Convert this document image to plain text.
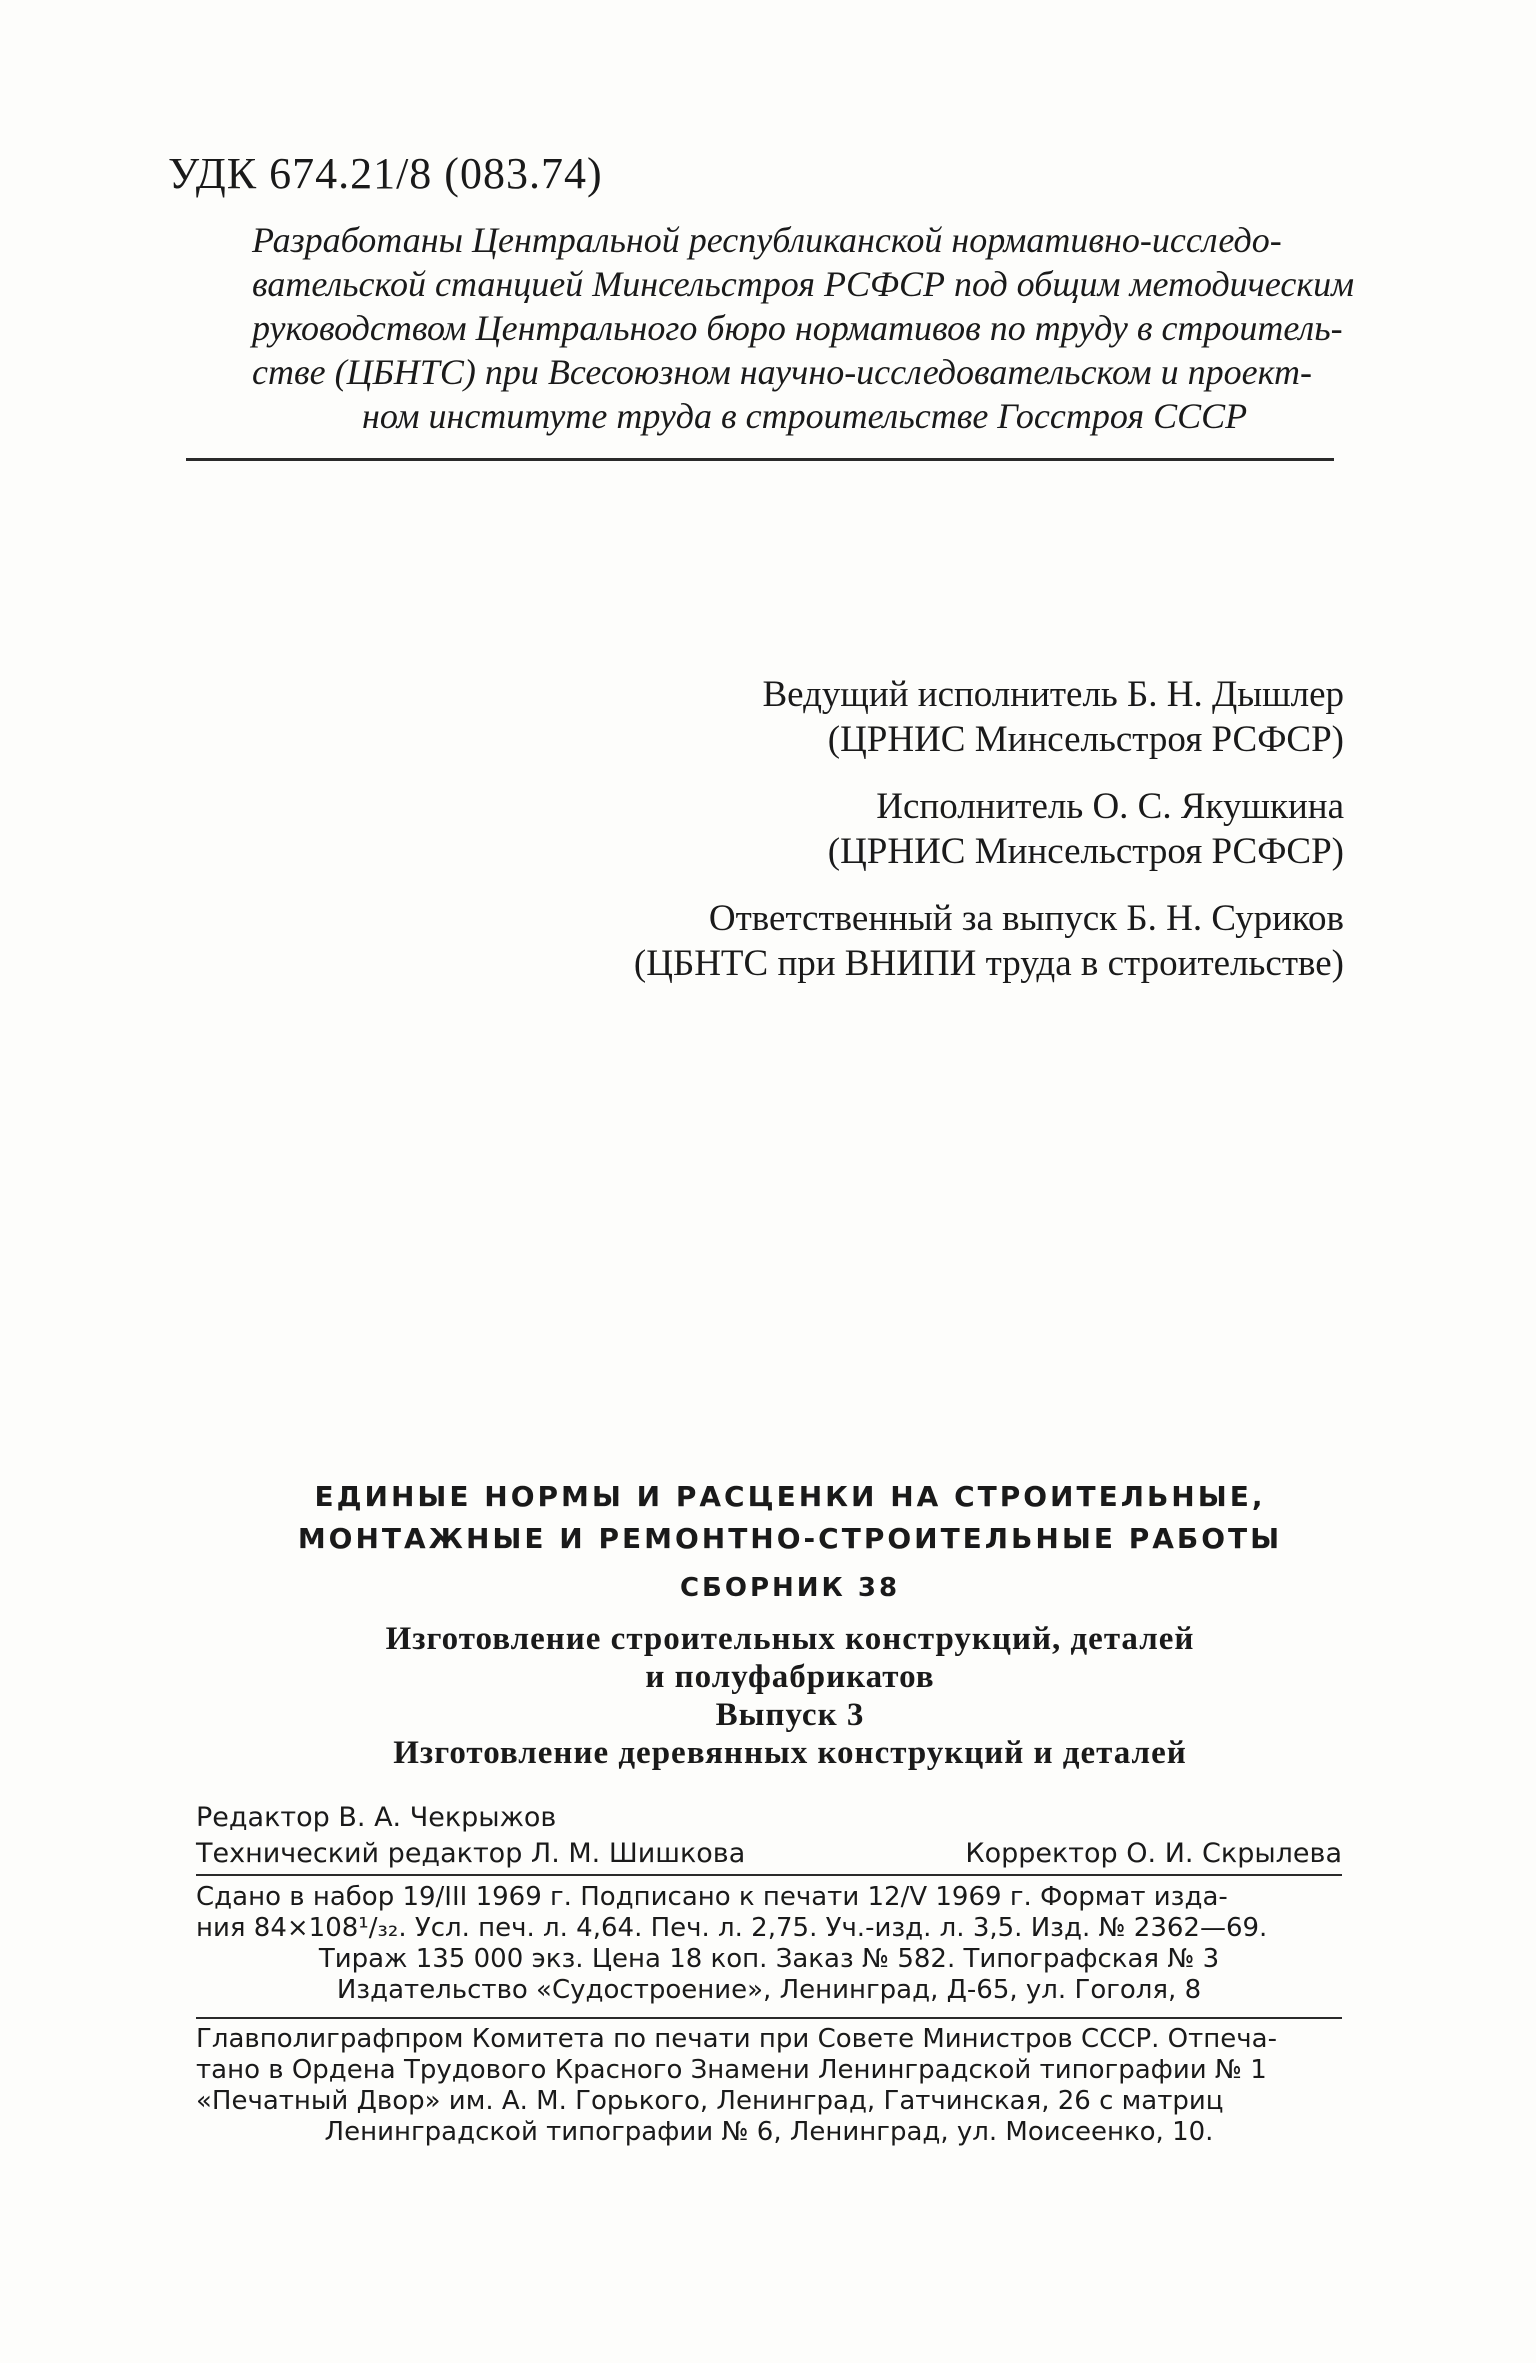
УДК 674.21/8 (083.74)
Разработаны Центральной республиканской нормативно-исследо-
вательской станцией Минсельстроя РСФСР под общим методическим
руководством Центрального бюро нормативов по труду в строитель-
стве (ЦБНТС) при Всесоюзном научно-исследовательском и проект-
ном институте труда в строительстве Госстроя СССР
Ведущий исполнитель Б. Н. Дышлер
(ЦРНИС Минсельстроя РСФСР)
Исполнитель О. С. Якушкина
(ЦРНИС Минсельстроя РСФСР)
Ответственный за выпуск Б. Н. Суриков
(ЦБНТС при ВНИПИ труда в строительстве)
ЕДИНЫЕ НОРМЫ И РАСЦЕНКИ НА СТРОИТЕЛЬНЫЕ,
МОНТАЖНЫЕ И РЕМОНТНО-СТРОИТЕЛЬНЫЕ РАБОТЫ
СБОРНИК 38
Изготовление строительных конструкций, деталей
и полуфабрикатов
Выпуск 3
Изготовление деревянных конструкций и деталей
Редактор В. А. Чекрыжов
Технический редактор Л. М. Шишкова	Корректор О. И. Скрылева
Сдано в набор 19/III 1969 г. Подписано к печати 12/V 1969 г. Формат изда-
ния 84×108¹/₃₂. Усл. печ. л. 4,64. Печ. л. 2,75. Уч.-изд. л. 3,5. Изд. № 2362—69.
Тираж 135 000 экз. Цена 18 коп. Заказ № 582. Типографская № 3
Издательство «Судостроение», Ленинград, Д-65, ул. Гоголя, 8
Главполиграфпром Комитета по печати при Совете Министров СССР. Отпеча-
тано в Ордена Трудового Красного Знамени Ленинградской типографии № 1
«Печатный Двор» им. А. М. Горького, Ленинград, Гатчинская, 26 с матриц
Ленинградской типографии № 6, Ленинград, ул. Моисеенко, 10.
